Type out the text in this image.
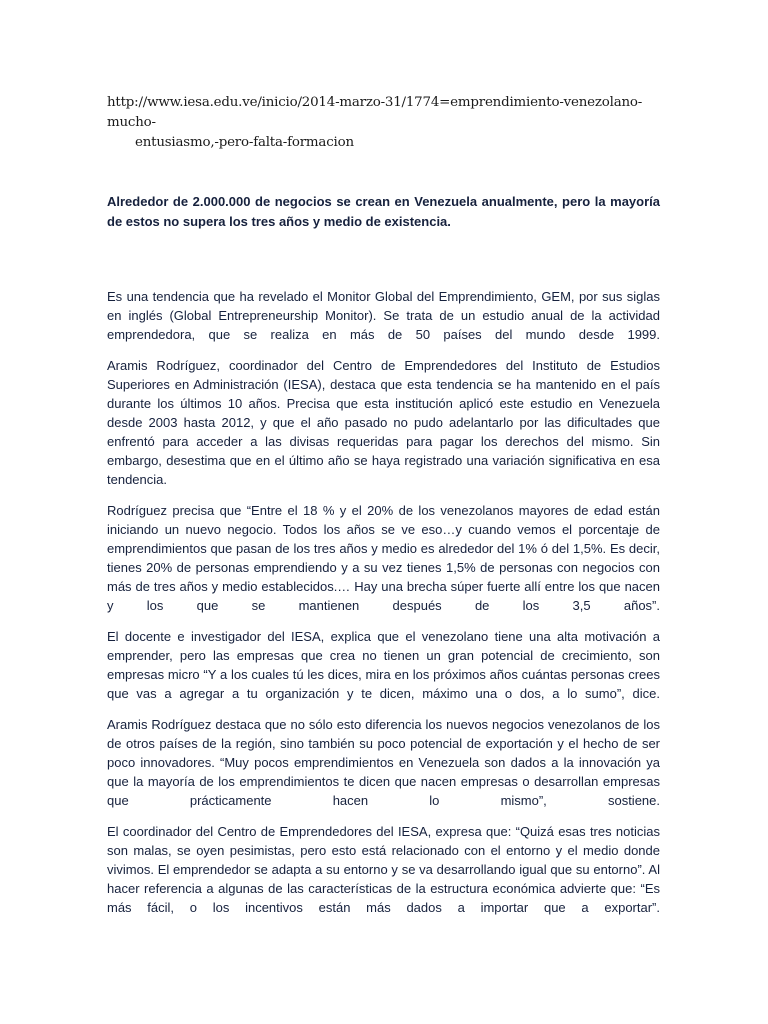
http://www.iesa.edu.ve/inicio/2014-marzo-31/1774=emprendimiento-venezolano-mucho-
entusiasmo,-pero-falta-formacion
Alrededor de 2.000.000 de negocios se crean en Venezuela anualmente, pero la mayoría de estos no supera los tres años y medio de existencia.

Es una tendencia que ha revelado el Monitor Global del Emprendimiento, GEM, por sus siglas en inglés (Global Entrepreneurship Monitor). Se trata de un estudio anual de la actividad emprendedora, que se realiza en más de 50 países del mundo desde 1999.

Aramis Rodríguez, coordinador del Centro de Emprendedores del Instituto de Estudios Superiores en Administración (IESA), destaca que esta tendencia se ha mantenido en el país durante los últimos 10 años. Precisa que esta institución aplicó este estudio en Venezuela desde 2003 hasta 2012, y que el año pasado no pudo adelantarlo por las dificultades que enfrentó para acceder a las divisas requeridas para pagar los derechos del mismo. Sin embargo, desestima que en el último año se haya registrado una variación significativa en esa tendencia.

Rodríguez precisa que “Entre el 18 % y el 20% de los venezolanos mayores de edad están iniciando un nuevo negocio. Todos los años se ve eso…y cuando vemos el porcentaje de emprendimientos que pasan de los tres años y medio es alrededor del 1% ó del 1,5%. Es decir, tienes 20% de personas emprendiendo y a su vez tienes 1,5% de personas con negocios con más de tres años y medio establecidos.… Hay una brecha súper fuerte allí entre los que nacen y los que se mantienen después de los 3,5 años”.

El docente e investigador del IESA, explica que el venezolano tiene una alta motivación a emprender, pero las empresas que crea no tienen un gran potencial de crecimiento, son empresas micro “Y a los cuales tú les dices, mira en los próximos años cuántas personas crees que vas a agregar a tu organización y te dicen, máximo una o dos, a lo sumo”, dice.

Aramis Rodríguez destaca que no sólo esto diferencia los nuevos negocios venezolanos de los de otros países de la región, sino también su poco potencial de exportación y el hecho de ser poco innovadores. “Muy pocos emprendimientos en Venezuela son dados a la innovación ya que la mayoría de los emprendimientos te dicen que nacen empresas o desarrollan empresas que prácticamente hacen lo mismo”, sostiene.

El coordinador del Centro de Emprendedores del IESA, expresa que: “Quizá esas tres noticias son malas, se oyen pesimistas, pero esto está relacionado con el entorno y el medio donde vivimos. El emprendedor se adapta a su entorno y se va desarrollando igual que su entorno”. Al hacer referencia a algunas de las características de la estructura económica advierte que: “Es más fácil, o los incentivos están más dados a importar que a exportar”.
